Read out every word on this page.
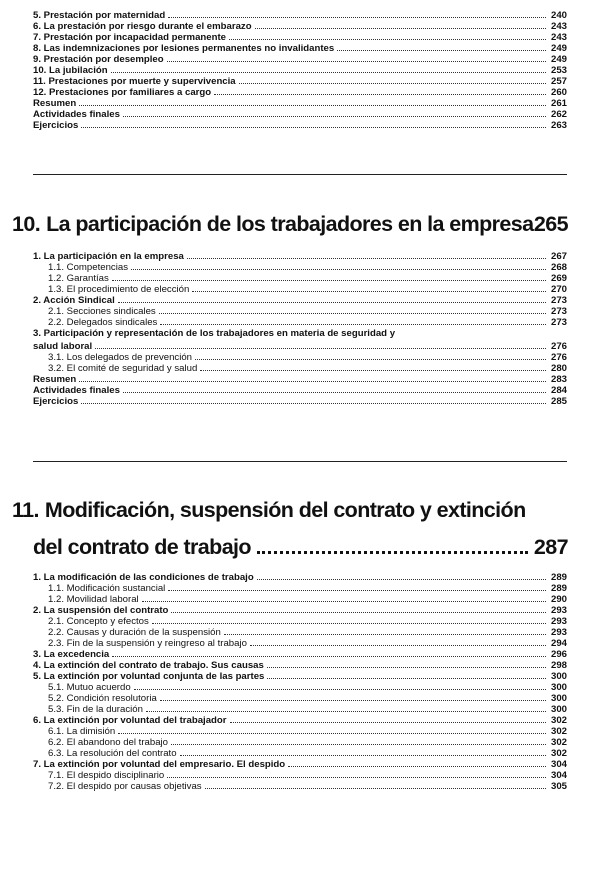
5. Prestación por maternidad	240
6. La prestación por riesgo durante el embarazo	243
7. Prestación por incapacidad permanente	243
8. Las indemnizaciones por lesiones permanentes no invalidantes	249
9. Prestación por desempleo	249
10. La jubilación	253
11. Prestaciones por muerte y supervivencia	257
12. Prestaciones por familiares a cargo	260
Resumen	261
Actividades finales	262
Ejercicios	263
10. La participación de los trabajadores en la empresa 265
1. La participación en la empresa	267
1.1. Competencias	268
1.2. Garantías	269
1.3. El procedimiento de elección	270
2. Acción Sindical	273
2.1. Secciones sindicales	273
2.2. Delegados sindicales	273
3. Participación y representación de los trabajadores en materia de seguridad y
salud laboral	276
3.1. Los delegados de prevención	276
3.2. El comité de seguridad y salud	280
Resumen	283
Actividades finales	284
Ejercicios	285
11. Modificación, suspensión del contrato y extinción
del contrato de trabajo	287
1. La modificación de las condiciones de trabajo	289
1.1. Modificación sustancial	289
1.2. Movilidad laboral	290
2. La suspensión del contrato	293
2.1. Concepto y efectos	293
2.2. Causas y duración de la suspensión	293
2.3. Fin de la suspensión y reingreso al trabajo	294
3. La excedencia	296
4. La extinción del contrato de trabajo. Sus causas	298
5. La extinción por voluntad conjunta de las partes	300
5.1. Mutuo acuerdo	300
5.2. Condición resolutoria	300
5.3. Fin de la duración	300
6. La extinción por voluntad del trabajador	302
6.1. La dimisión	302
6.2. El abandono del trabajo	302
6.3. La resolución del contrato	302
7. La extinción por voluntad del empresario. El despido	304
7.1. El despido disciplinario	304
7.2. El despido por causas objetivas	305
